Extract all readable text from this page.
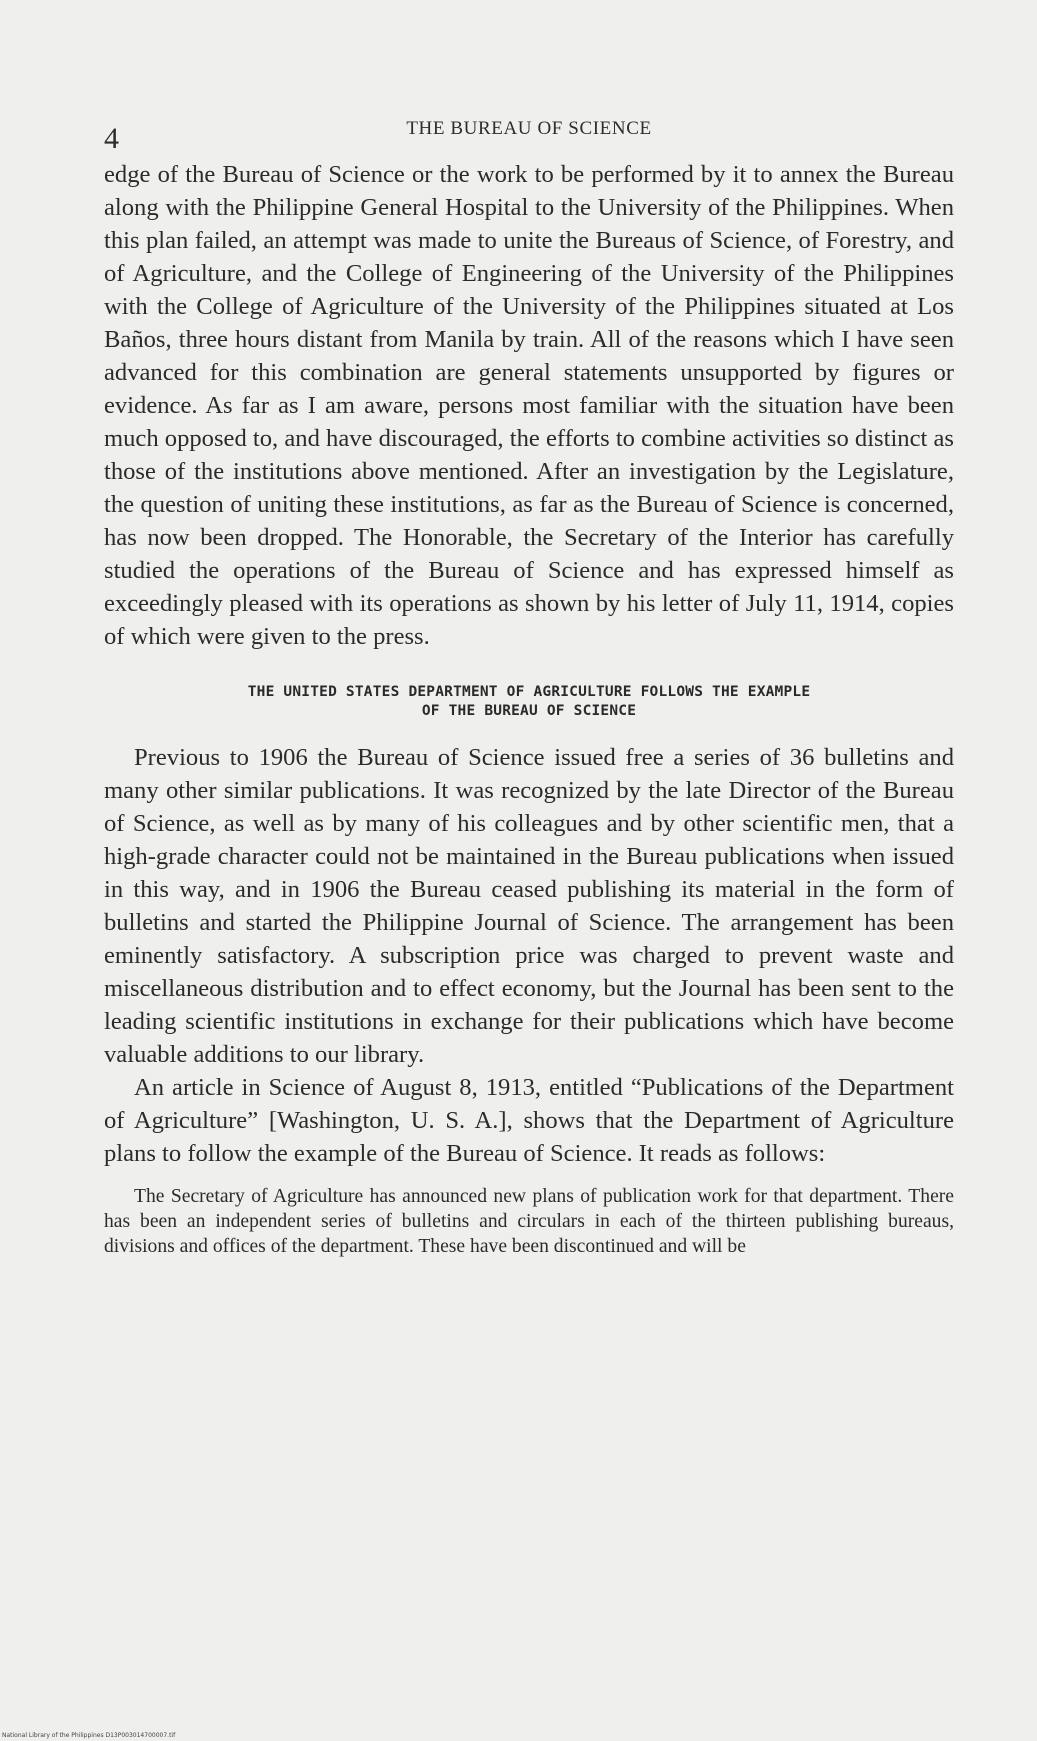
4	THE BUREAU OF SCIENCE

edge of the Bureau of Science or the work to be performed by it to annex the Bureau along with the Philippine General Hospital to the University of the Philippines. When this plan failed, an attempt was made to unite the Bureaus of Science, of Forestry, and of Agriculture, and the College of Engineering of the University of the Philippines with the College of Agriculture of the University of the Philippines situated at Los Baños, three hours distant from Manila by train. All of the reasons which I have seen advanced for this combination are general statements unsupported by figures or evidence. As far as I am aware, persons most familiar with the situation have been much opposed to, and have discouraged, the efforts to combine activities so distinct as those of the institutions above mentioned. After an investigation by the Legislature, the question of uniting these institutions, as far as the Bureau of Science is concerned, has now been dropped. The Honorable, the Secretary of the Interior has carefully studied the operations of the Bureau of Science and has expressed himself as exceedingly pleased with its operations as shown by his letter of July 11, 1914, copies of which were given to the press.

THE UNITED STATES DEPARTMENT OF AGRICULTURE FOLLOWS THE EXAMPLE
OF THE BUREAU OF SCIENCE

Previous to 1906 the Bureau of Science issued free a series of 36 bulletins and many other similar publications. It was recognized by the late Director of the Bureau of Science, as well as by many of his colleagues and by other scientific men, that a high-grade character could not be maintained in the Bureau publications when issued in this way, and in 1906 the Bureau ceased publishing its material in the form of bulletins and started the Philippine Journal of Science. The arrangement has been eminently satisfactory. A subscription price was charged to prevent waste and miscellaneous distribution and to effect economy, but the Journal has been sent to the leading scientific institutions in exchange for their publications which have become valuable additions to our library.

An article in Science of August 8, 1913, entitled “Publications of the Department of Agriculture” [Washington, U. S. A.], shows that the Department of Agriculture plans to follow the example of the Bureau of Science. It reads as follows:

The Secretary of Agriculture has announced new plans of publication work for that department. There has been an independent series of bulletins and circulars in each of the thirteen publishing bureaus, divisions and offices of the department. These have been discontinued and will be

National Library of the Philippines D13P003014700007.tif
